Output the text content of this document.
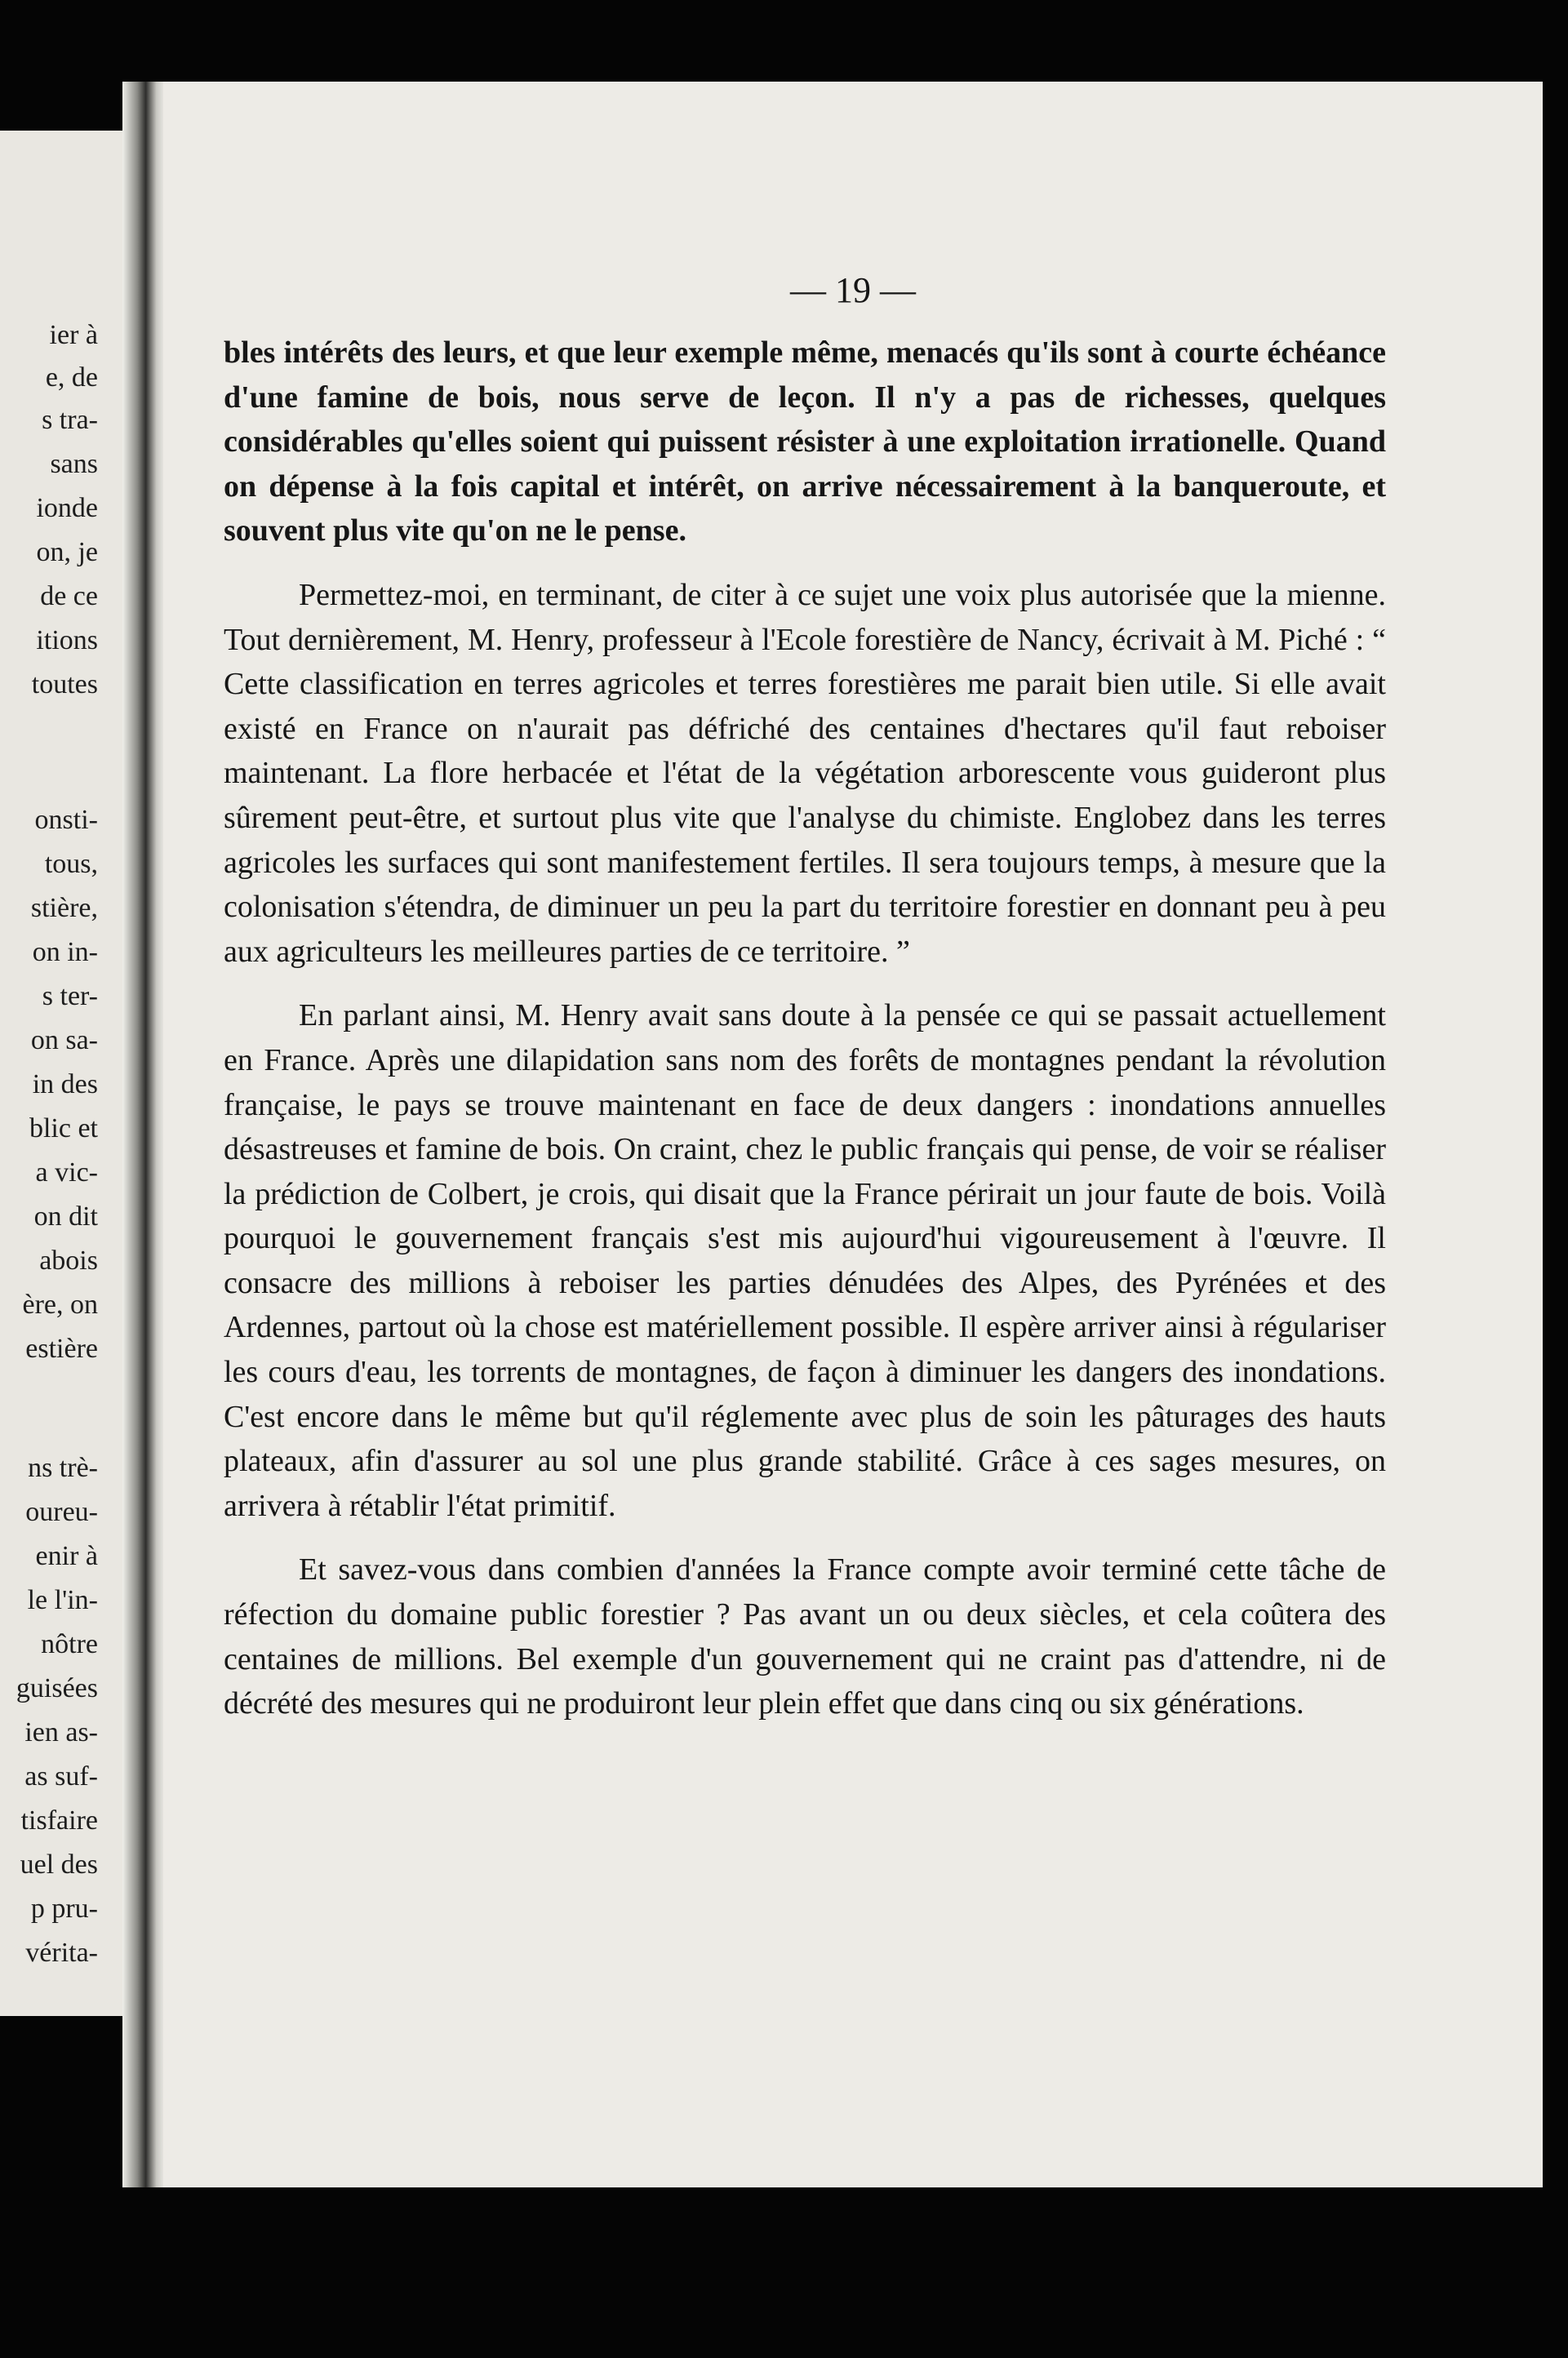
ier à
e, de
s tra-
sans
ionde
on, je
de ce
itions
toutes
onsti-
tous,
stière,
on in-
s ter-
on sa-
in des
blic et
a vic-
on dit
abois
ère, on
estière
ns trè-
oureu-
enir à
le l'in-
nôtre
guisées
ien as-
as suf-
tisfaire
uel des
p pru-
vérita-
— 19 —

bles intérêts des leurs, et que leur exemple même, menacés qu'ils sont à courte échéance d'une famine de bois, nous serve de leçon. Il n'y a pas de richesses, quelques considérables qu'elles soient qui puissent résister à une exploitation irrationelle. Quand on dépense à la fois capital et intérêt, on arrive nécessairement à la banqueroute, et souvent plus vite qu'on ne le pense.

Permettez-moi, en terminant, de citer à ce sujet une voix plus autorisée que la mienne. Tout dernièrement, M. Henry, professeur à l'Ecole forestière de Nancy, écrivait à M. Piché : “ Cette classification en terres agricoles et terres forestières me parait bien utile. Si elle avait existé en France on n'aurait pas défriché des centaines d'hectares qu'il faut reboiser maintenant. La flore herbacée et l'état de la végétation arborescente vous guideront plus sûrement peut-être, et surtout plus vite que l'analyse du chimiste. Englobez dans les terres agricoles les surfaces qui sont manifestement fertiles. Il sera toujours temps, à mesure que la colonisation s'étendra, de diminuer un peu la part du territoire forestier en donnant peu à peu aux agriculteurs les meilleures parties de ce territoire. ”

En parlant ainsi, M. Henry avait sans doute à la pensée ce qui se passait actuellement en France. Après une dilapidation sans nom des forêts de montagnes pendant la révolution française, le pays se trouve maintenant en face de deux dangers : inondations annuelles désastreuses et famine de bois. On craint, chez le public français qui pense, de voir se réaliser la prédiction de Colbert, je crois, qui disait que la France périrait un jour faute de bois. Voilà pourquoi le gouvernement français s'est mis aujourd'hui vigoureusement à l'œuvre. Il consacre des millions à reboiser les parties dénudées des Alpes, des Pyrénées et des Ardennes, partout où la chose est matériellement possible. Il espère arriver ainsi à régulariser les cours d'eau, les torrents de montagnes, de façon à diminuer les dangers des inondations. C'est encore dans le même but qu'il réglemente avec plus de soin les pâturages des hauts plateaux, afin d'assurer au sol une plus grande stabilité. Grâce à ces sages mesures, on arrivera à rétablir l'état primitif.

Et savez-vous dans combien d'années la France compte avoir terminé cette tâche de réfection du domaine public forestier ? Pas avant un ou deux siècles, et cela coûtera des centaines de millions. Bel exemple d'un gouvernement qui ne craint pas d'attendre, ni de décrété des mesures qui ne produiront leur plein effet que dans cinq ou six générations.
